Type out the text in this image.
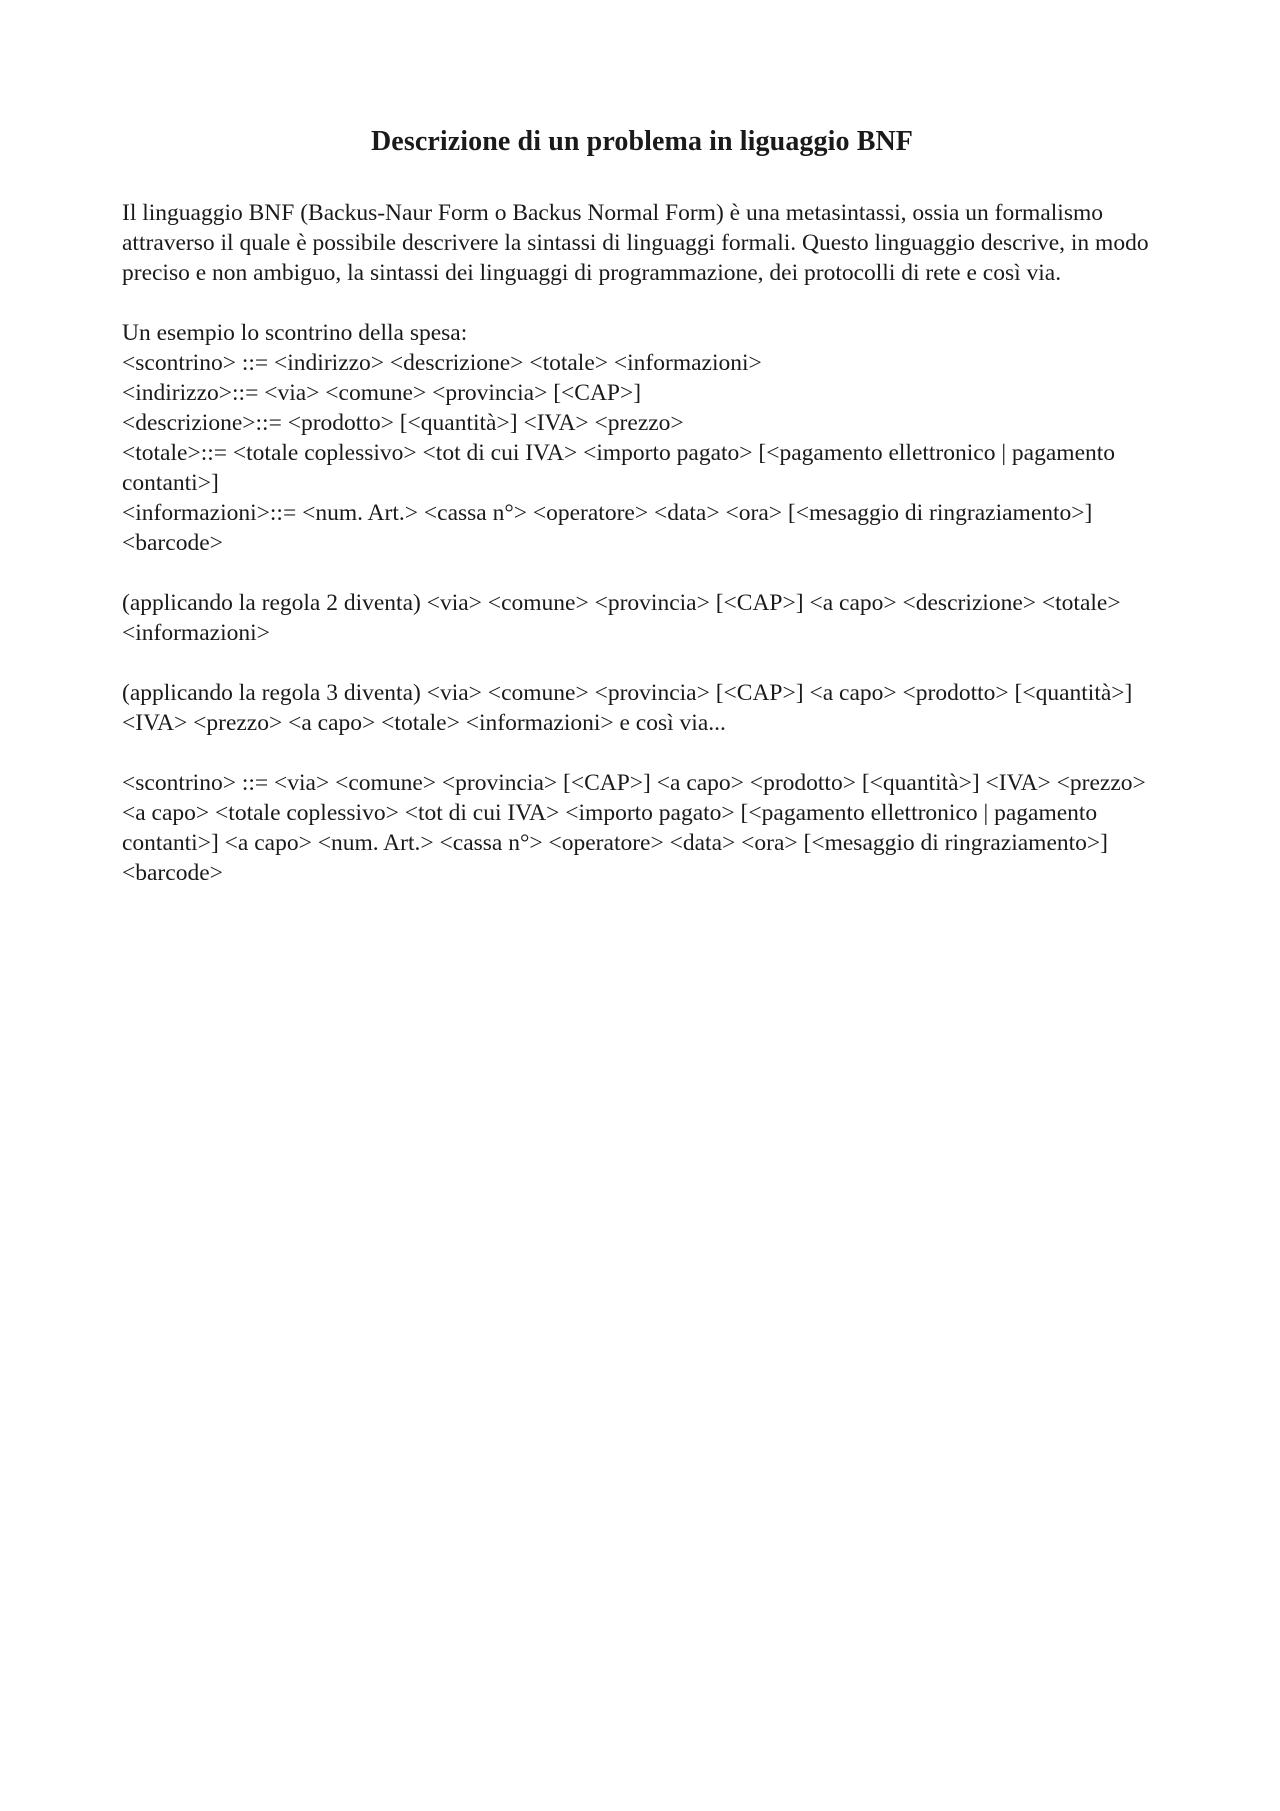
Descrizione di un problema in liguaggio BNF

Il linguaggio BNF (Backus-Naur Form o Backus Normal Form) è una metasintassi, ossia un formalismo attraverso il quale è possibile descrivere la sintassi di linguaggi formali. Questo linguaggio descrive, in modo preciso e non ambiguo, la sintassi dei linguaggi di programmazione, dei protocolli di rete e così via.

Un esempio lo scontrino della spesa:
<scontrino> ::= <indirizzo> <descrizione> <totale> <informazioni>
<indirizzo>::= <via> <comune> <provincia> [<CAP>]
<descrizione>::= <prodotto> [<quantità>] <IVA> <prezzo>
<totale>::= <totale coplessivo> <tot di cui IVA> <importo pagato> [<pagamento ellettronico | pagamento contanti>]
<informazioni>::= <num. Art.> <cassa n°> <operatore> <data> <ora> [<mesaggio di ringraziamento>] <barcode>

(applicando la regola 2 diventa) <via> <comune> <provincia> [<CAP>] <a capo> <descrizione> <totale> <informazioni>

(applicando la regola 3 diventa) <via> <comune> <provincia> [<CAP>] <a capo> <prodotto> [<quantità>] <IVA> <prezzo> <a capo> <totale> <informazioni> e così via...

<scontrino> ::= <via> <comune> <provincia> [<CAP>] <a capo> <prodotto> [<quantità>] <IVA> <prezzo> <a capo> <totale coplessivo> <tot di cui IVA> <importo pagato> [<pagamento ellettronico | pagamento contanti>] <a capo> <num. Art.> <cassa n°> <operatore> <data> <ora> [<mesaggio di ringraziamento>] <barcode>
